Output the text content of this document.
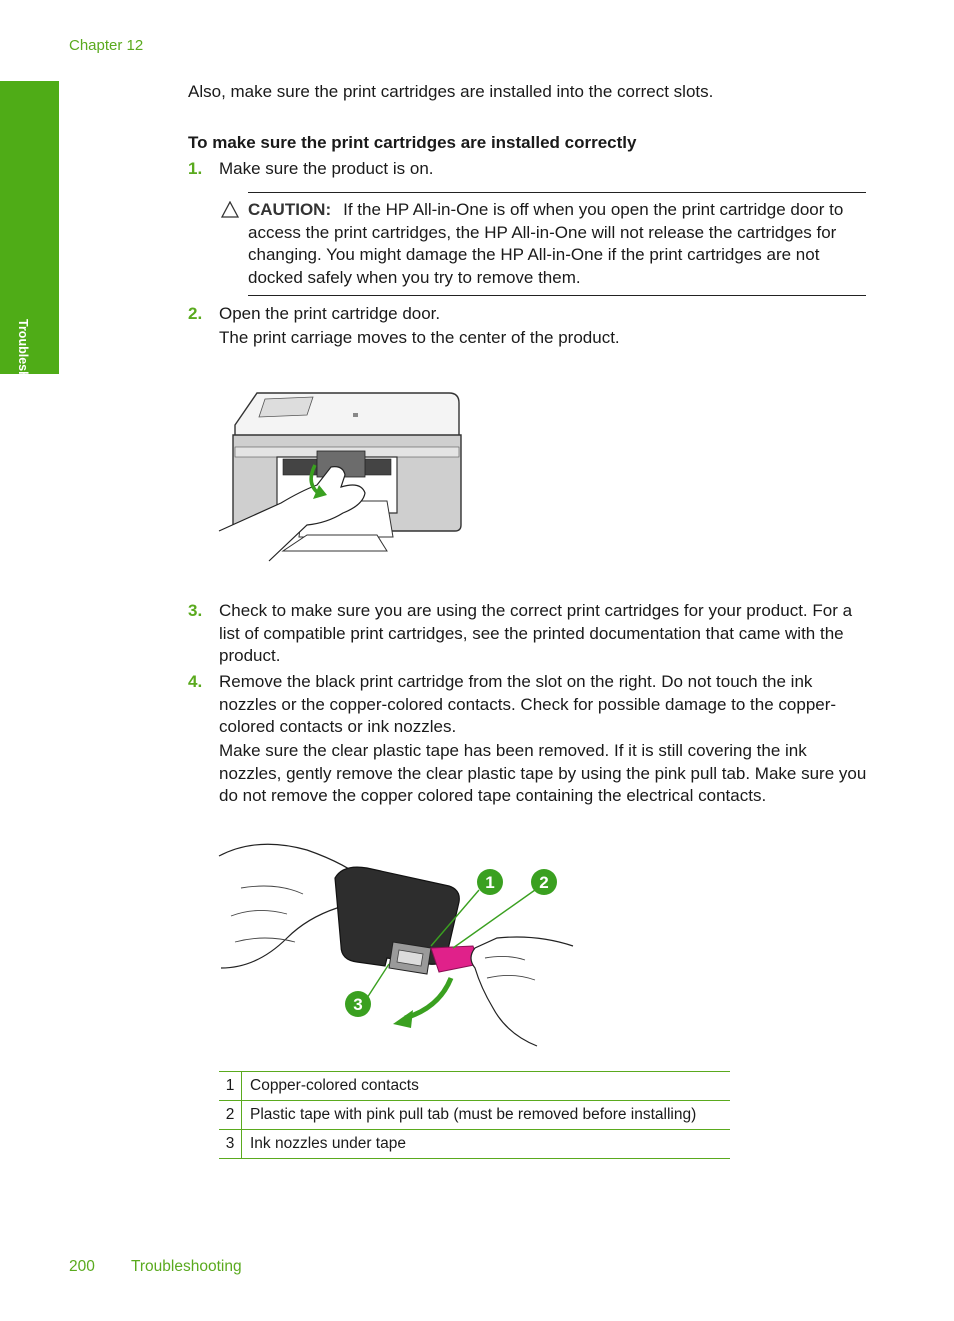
Chapter 12
Troubleshooting

Also, make sure the print cartridges are installed into the correct slots.

To make sure the print cartridges are installed correctly

1. Make sure the product is on.
CAUTION: If the HP All-in-One is off when you open the print cartridge door to access the print cartridges, the HP All-in-One will not release the cartridges for changing. You might damage the HP All-in-One if the print cartridges are not docked safely when you try to remove them.
2. Open the print cartridge door.
The print carriage moves to the center of the product.
3. Check to make sure you are using the correct print cartridges for your product. For a list of compatible print cartridges, see the printed documentation that came with the product.
4. Remove the black print cartridge from the slot on the right. Do not touch the ink nozzles or the copper-colored contacts. Check for possible damage to the copper-colored contacts or ink nozzles.
Make sure the clear plastic tape has been removed. If it is still covering the ink nozzles, gently remove the clear plastic tape by using the pink pull tab. Make sure you do not remove the copper colored tape containing the electrical contacts.
1	2
3
1	Copper-colored contacts
2	Plastic tape with pink pull tab (must be removed before installing)
3	Ink nozzles under tape
200 Troubleshooting
